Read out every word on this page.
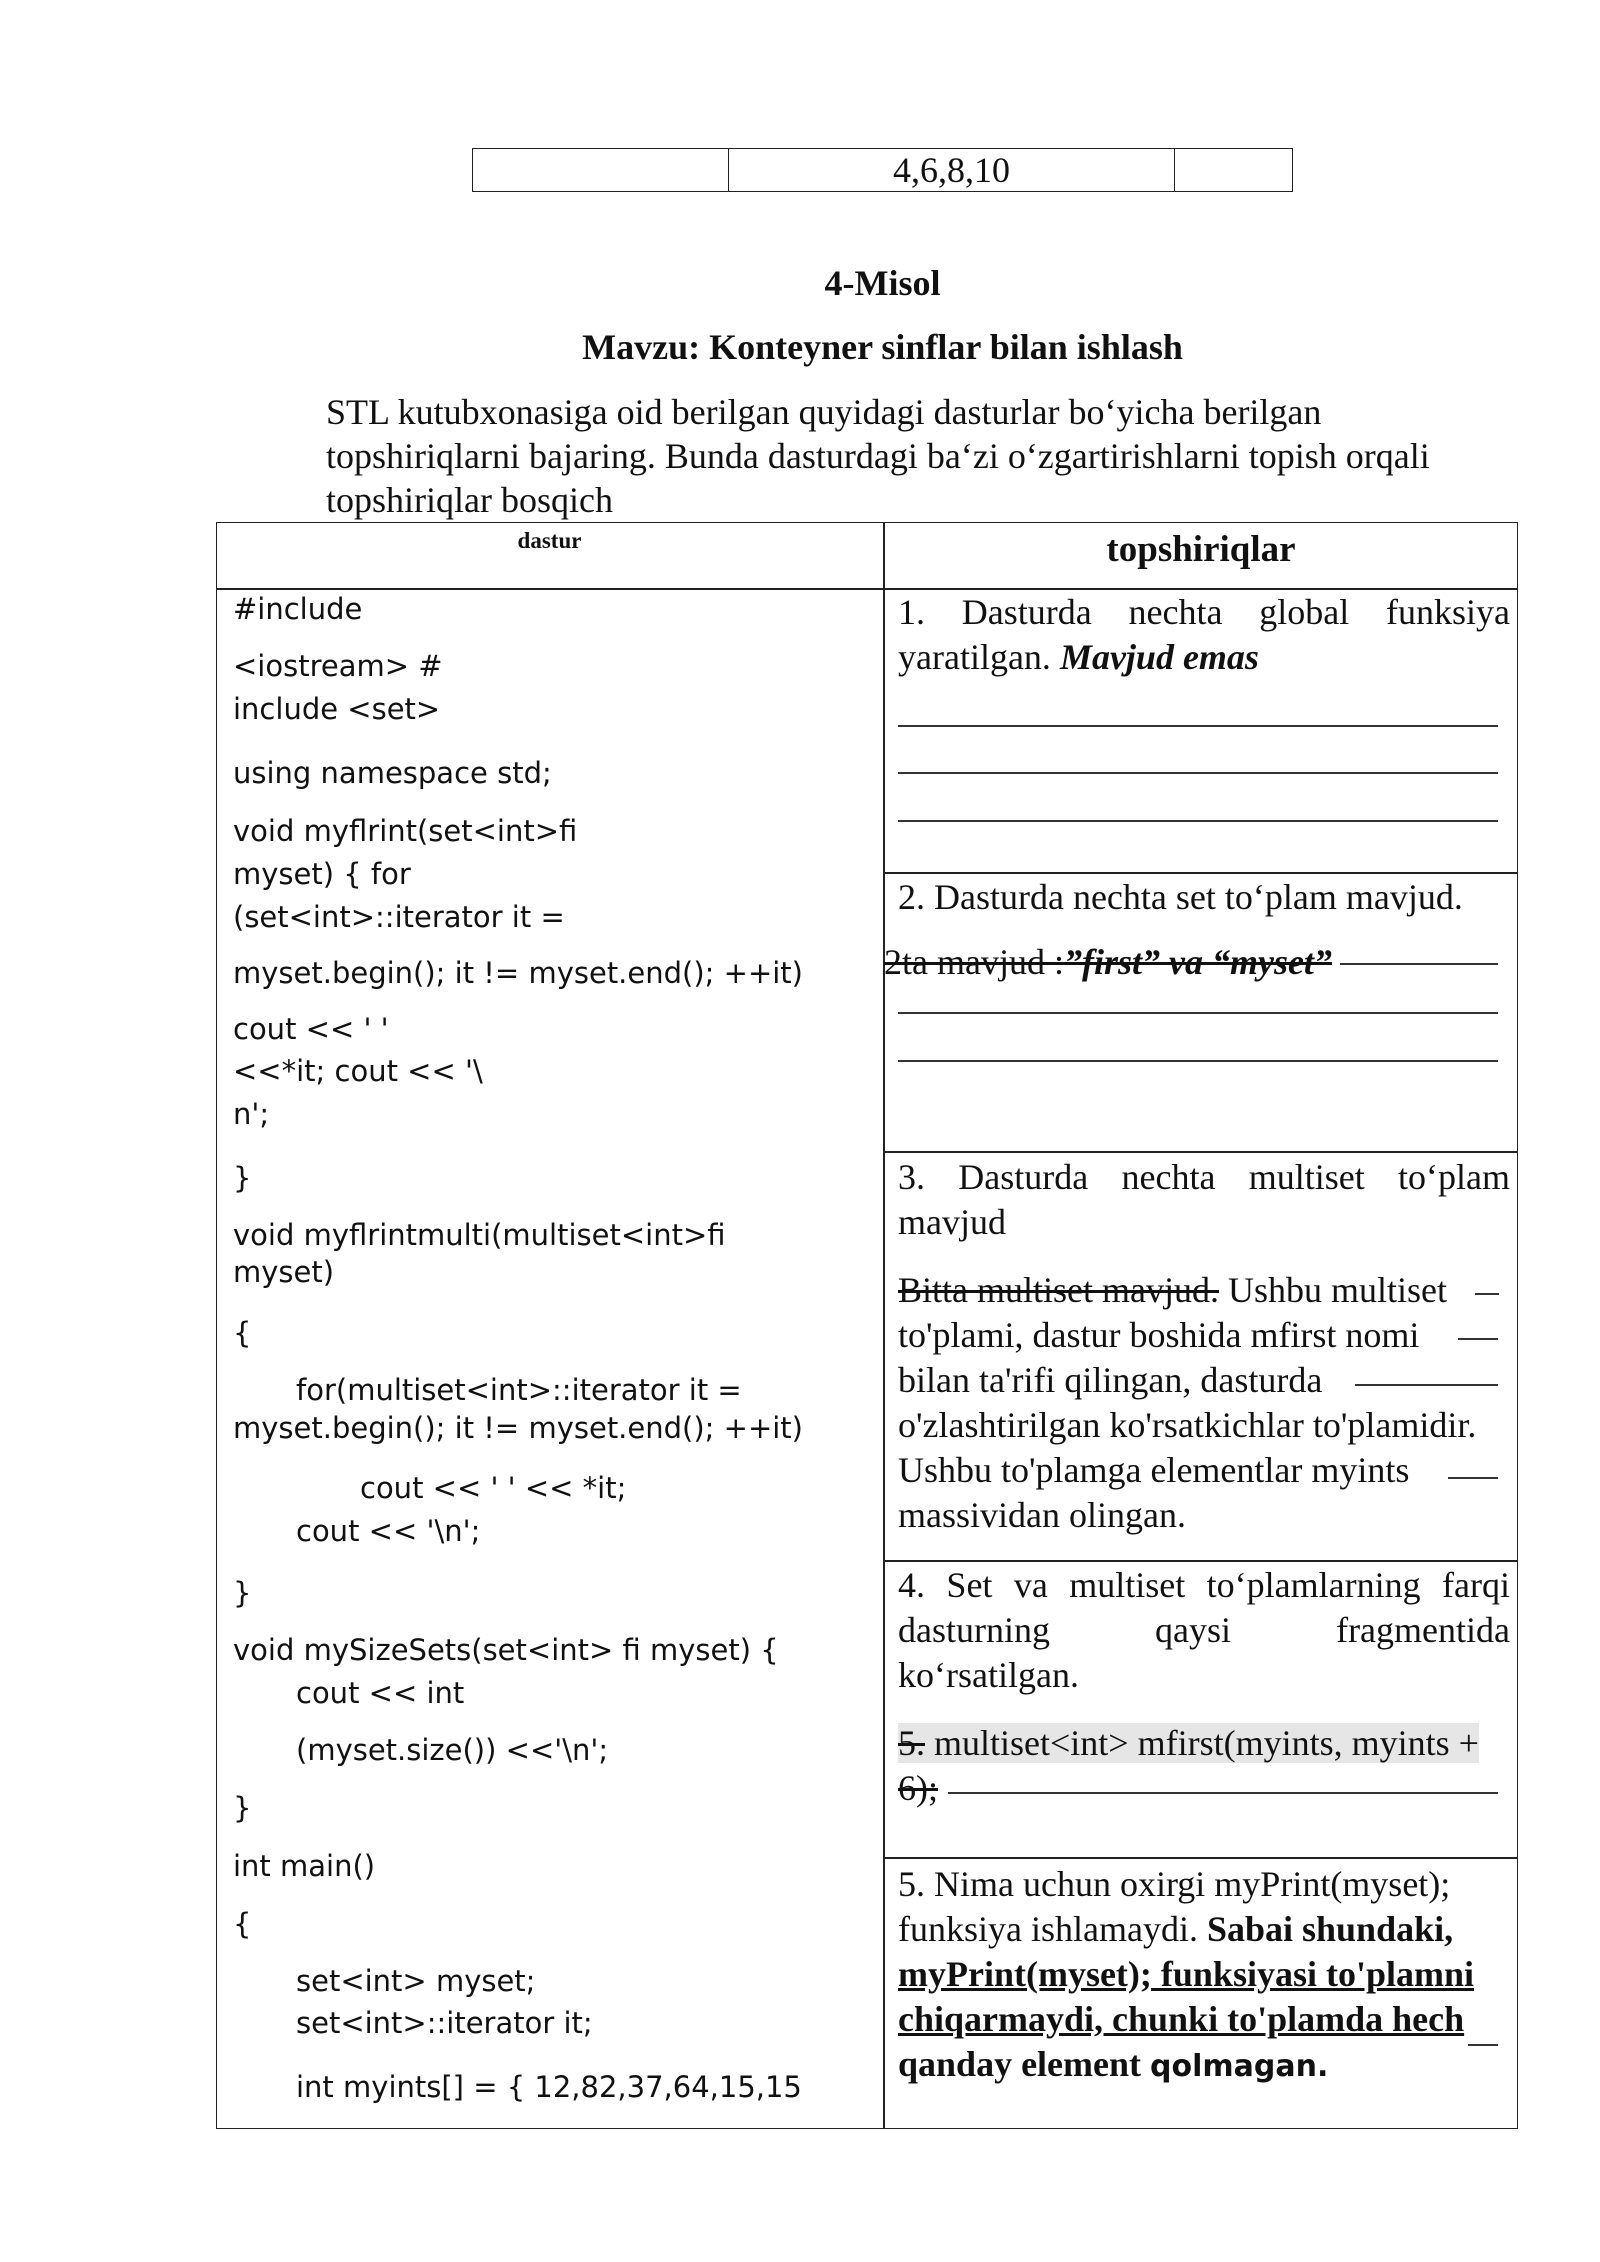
4,6,8,10
4-Misol
Mavzu: Konteyner sinflar bilan ishlash
STL kutubxonasiga oid berilgan quyidagi dasturlar bo‘yicha berilgan
topshiriqlarni bajaring. Bunda dasturdagi ba‘zi o‘zgartirishlarni topish orqali
topshiriqlar bosqich
dastur	topshiriqlar
#include
<iostream> #
include <set>
using namespace std;
void myflrint(set<int>fi
myset) { for
(set<int>::iterator it =
myset.begin(); it != myset.end(); ++it)
cout << ' '
<<*it; cout << '\
n';
}
void myflrintmulti(multiset<int>fi
myset)
{
for(multiset<int>::iterator it =
myset.begin(); it != myset.end(); ++it)
cout << ' ' << *it;
cout << '\n';
}
void mySizeSets(set<int> fi myset) {
cout << int
(myset.size()) <<'\n';
}
int main()
{
set<int> myset;
set<int>::iterator it;
int myints[] = { 12,82,37,64,15,15
1. Dasturda nechta global funksiya
yaratilgan. Mavjud emas
2. Dasturda nechta set to‘plam mavjud.
2ta mavjud :”first” va “myset”
3. Dasturda nechta multiset to‘plam
mavjud
Bitta multiset mavjud. Ushbu multiset
to'plami, dastur boshida mfirst nomi
bilan ta'rifi qilingan, dasturda
o'zlashtirilgan ko'rsatkichlar to'plamidir.
Ushbu to'plamga elementlar myints
massividan olingan.
4. Set va multiset to‘plamlarning farqi
dasturning qaysi fragmentida
ko‘rsatilgan.
5. multiset<int> mfirst(myints, myints +
6);
5. Nima uchun oxirgi myPrint(myset);
funksiya ishlamaydi. Sabai shundaki,
myPrint(myset); funksiyasi to'plamni
chiqarmaydi, chunki to'plamda hech
qanday element qolmagan.
